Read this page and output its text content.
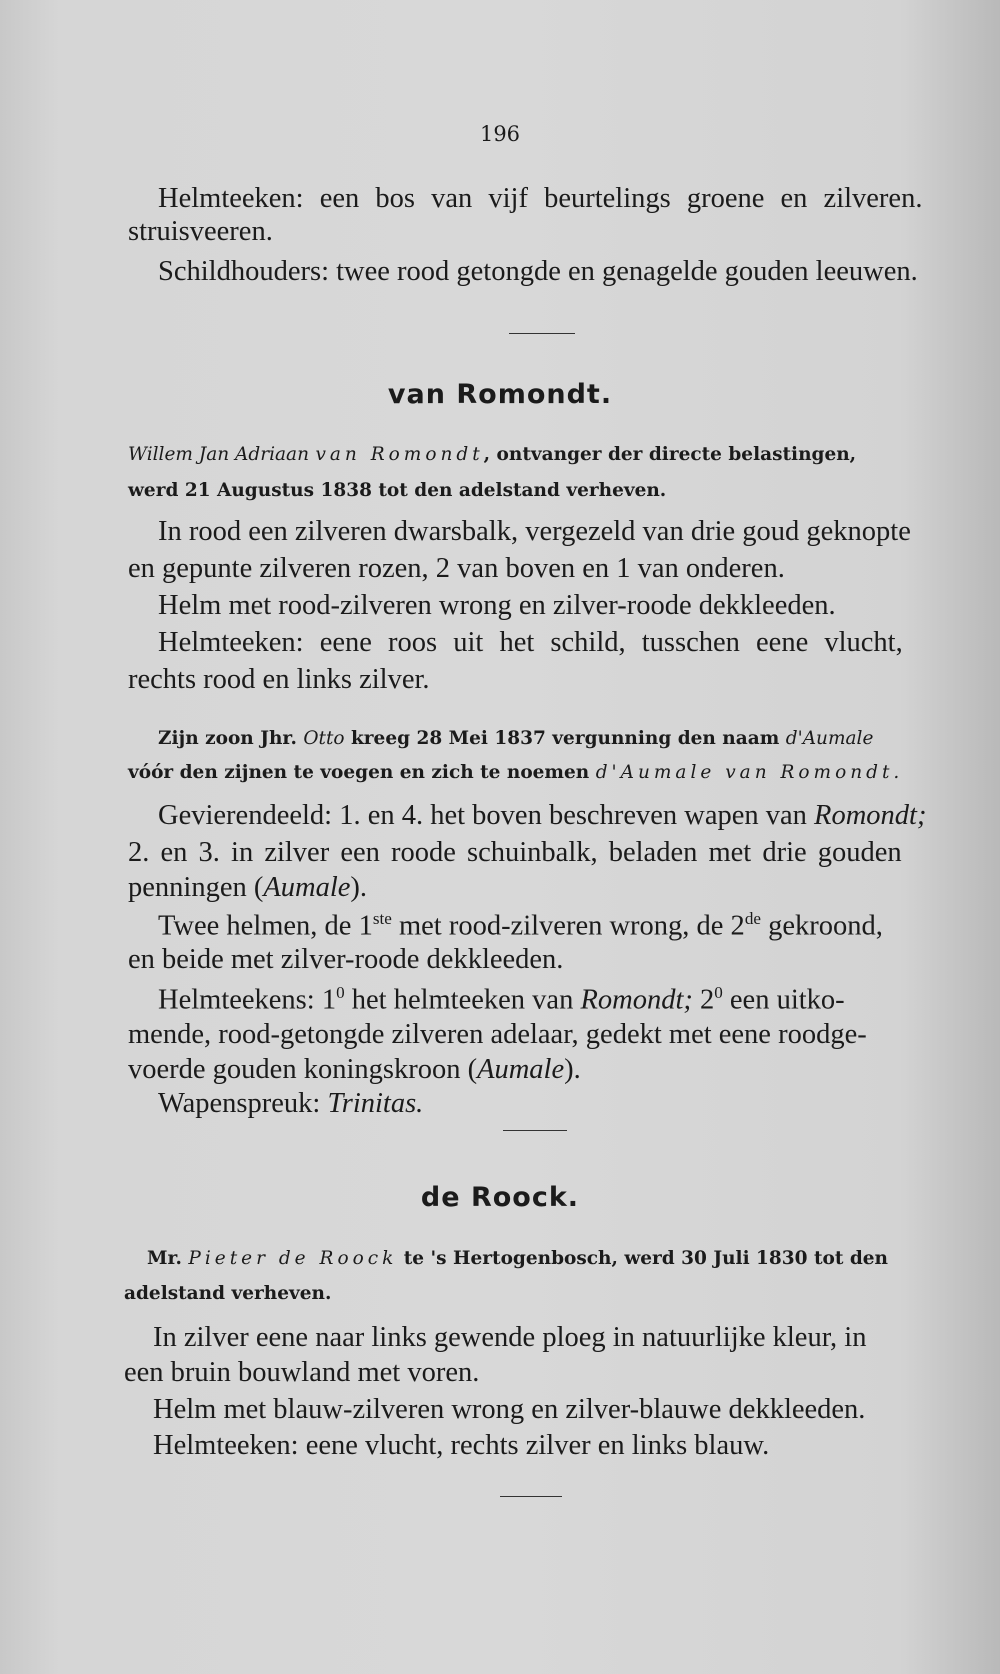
196
Helmteeken: een bos van vijf beurtelings groene en zilveren.
struisveeren.
Schildhouders: twee rood getongde en genagelde gouden leeuwen.
van Romondt.
Willem Jan Adriaan van Romondt, ontvanger der directe belastingen,
werd 21 Augustus 1838 tot den adelstand verheven.
In rood een zilveren dwarsbalk, vergezeld van drie goud geknopte
en gepunte zilveren rozen, 2 van boven en 1 van onderen.
Helm met rood-zilveren wrong en zilver-roode dekkleeden.
Helmteeken: eene roos uit het schild, tusschen eene vlucht,
rechts rood en links zilver.
Zijn zoon Jhr. Otto kreeg 28 Mei 1837 vergunning den naam d'Aumale
vóór den zijnen te voegen en zich te noemen d'Aumale van Romondt.
Gevierendeeld: 1. en 4. het boven beschreven wapen van Romondt;
2. en 3. in zilver een roode schuinbalk, beladen met drie gouden
penningen (Aumale).
Twee helmen, de 1ste met rood-zilveren wrong, de 2de gekroond,
en beide met zilver-roode dekkleeden.
Helmteekens: $1^0$ het helmteeken van Romondt; $2^0$ een uitko-
mende, rood-getongde zilveren adelaar, gedekt met eene roodge-
voerde gouden koningskroon (Aumale).
Wapenspreuk: Trinitas.
de Roock.
Mr. Pieter de Roock te 's Hertogenbosch, werd 30 Juli 1830 tot den
adelstand verheven.
In zilver eene naar links gewende ploeg in natuurlijke kleur, in
een bruin bouwland met voren.
Helm met blauw-zilveren wrong en zilver-blauwe dekkleeden.
Helmteeken: eene vlucht, rechts zilver en links blauw.
